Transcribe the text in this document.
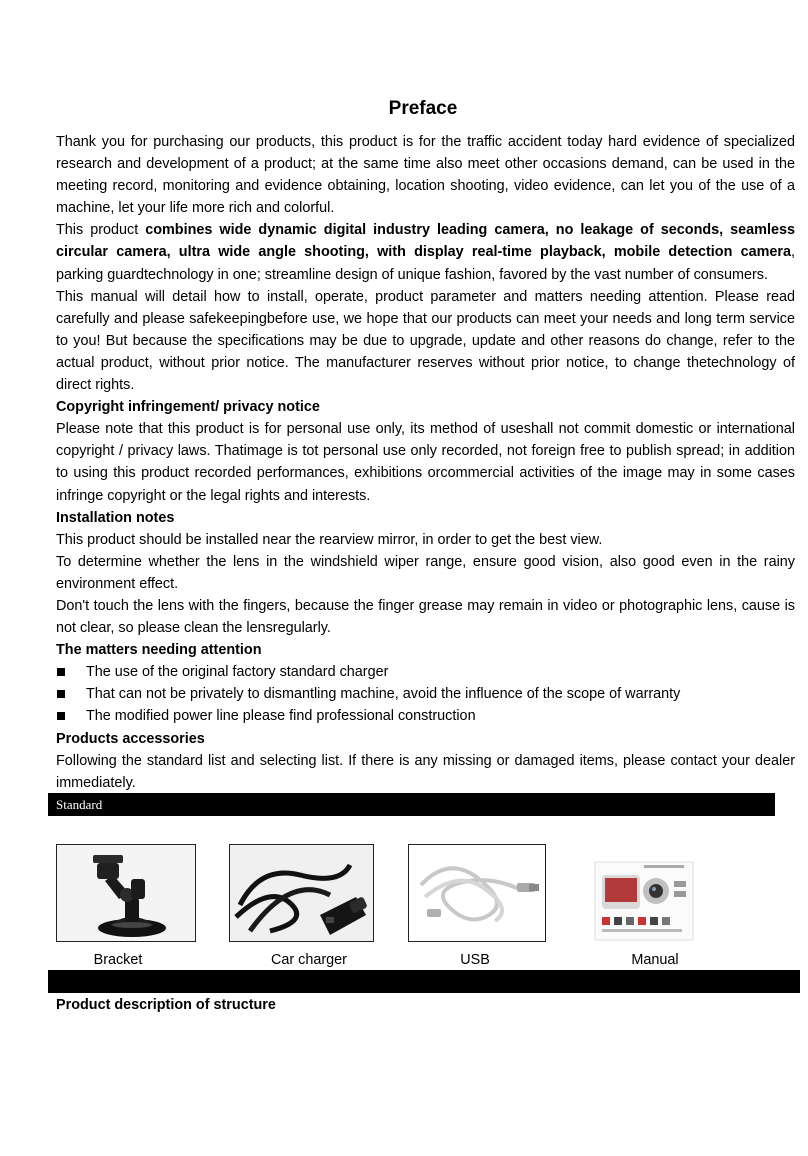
Preface

Thank you for purchasing our products, this product is for the traffic accident today hard evidence of specialized research and development of a product; at the same time also meet other occasions demand, can be used in the meeting record, monitoring and evidence obtaining, location shooting, video evidence, can let you of the use of a machine, let your life more rich and colorful.

This product combines wide dynamic digital industry leading camera, no leakage of seconds, seamless circular camera, ultra wide angle shooting, with display real-time playback, mobile detection camera, parking guardtechnology in one; streamline design of unique fashion, favored by the vast number of consumers.

This manual will detail how to install, operate, product parameter and matters needing attention. Please read carefully and please safekeepingbefore use, we hope that our products can meet your needs and long term service to you! But because the specifications may be due to upgrade, update and other reasons do change, refer to the actual product, without prior notice. The manufacturer reserves without prior notice, to change thetechnology of direct rights.

Copyright infringement/ privacy notice

Please note that this product is for personal use only, its method of useshall not commit domestic or international copyright / privacy laws. Thatimage is tot personal use only recorded, not foreign free to publish spread; in addition to using this product recorded performances, exhibitions orcommercial activities of the image may in some cases infringe copyright or the legal rights and interests.

Installation notes

This product should be installed near the rearview mirror, in order to get the best view.

To determine whether the lens in the windshield wiper range, ensure good vision, also good even in the rainy environment effect.

Don't touch the lens with the fingers, because the finger grease may remain in video or photographic lens, cause is not clear, so please clean the lensregularly.

The matters needing attention
The use of the original factory standard charger
That can not be privately to dismantling machine, avoid the influence of the scope of warranty
The modified power line please find professional construction
Products accessories

Following the standard list and selecting list. If there is any missing or damaged items, please contact your dealer immediately.

Standard
Bracket	Car charger	USB	Manual
Product description of structure
